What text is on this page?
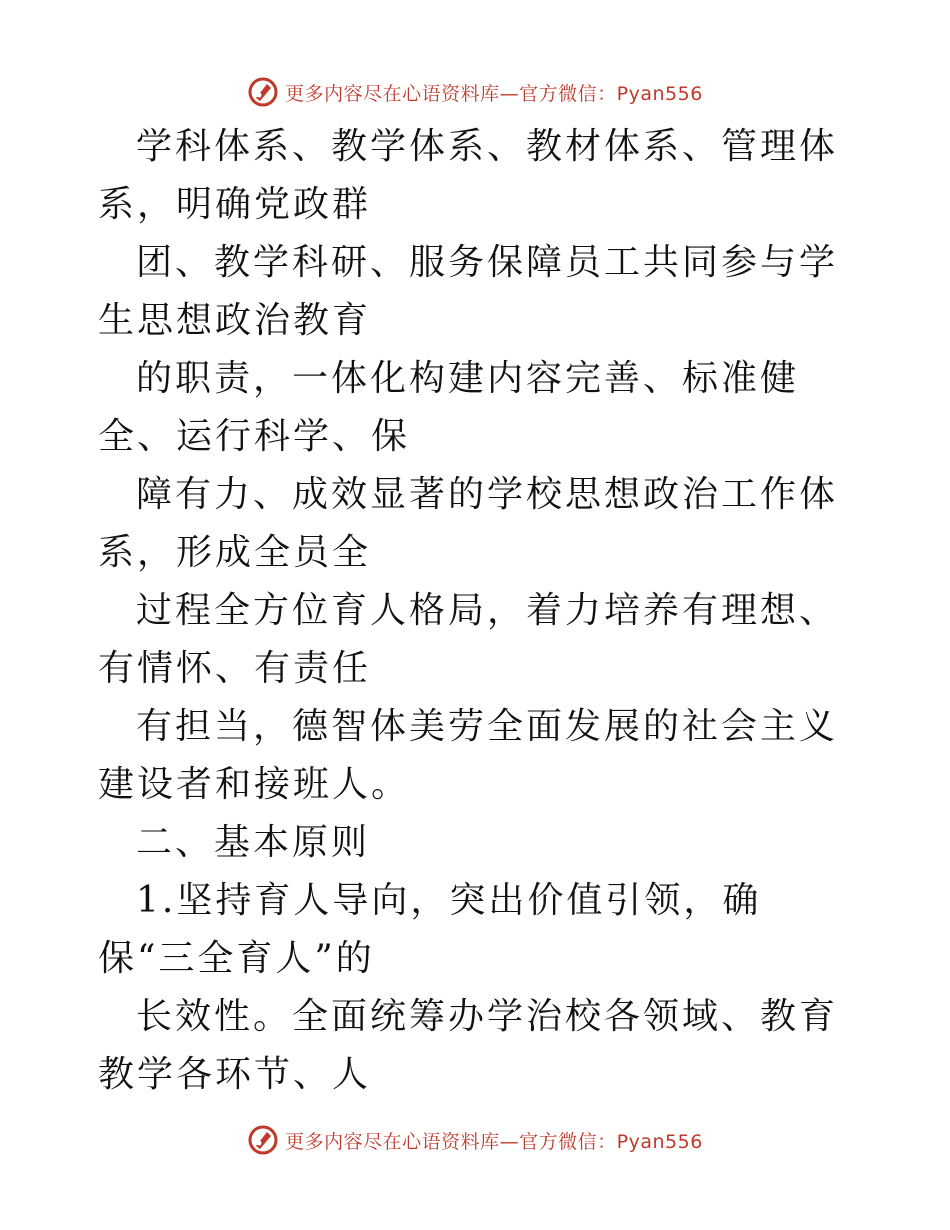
更多内容尽在心语资料库—官方微信：Pyan556

学科体系、教学体系、教材体系、管理体系，明确党政群

团、教学科研、服务保障员工共同参与学生思想政治教育

的职责，一体化构建内容完善、标准健全、运行科学、保

障有力、成效显著的学校思想政治工作体系，形成全员全

过程全方位育人格局，着力培养有理想、有情怀、有责任

有担当，德智体美劳全面发展的社会主义建设者和接班人。

二、基本原则

1.坚持育人导向，突出价值引领，确保“三全育人”的

长效性。全面统筹办学治校各领域、教育教学各环节、人

更多内容尽在心语资料库—官方微信：Pyan556
